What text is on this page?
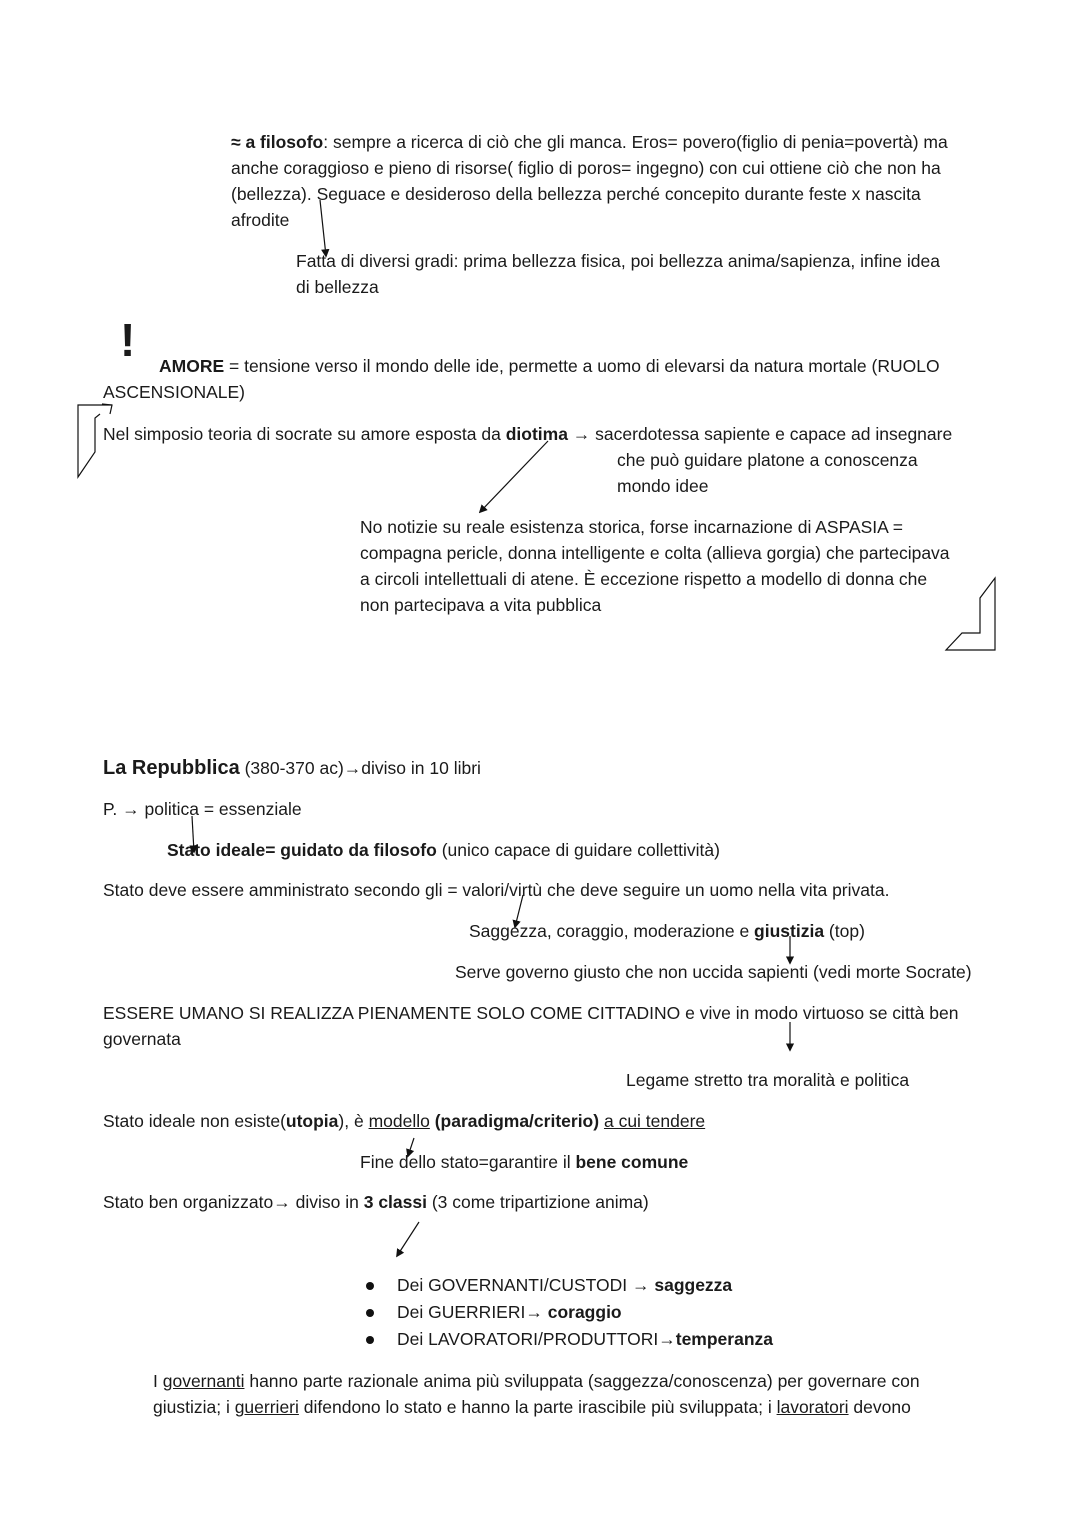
≈ a filosofo: sempre a ricerca di ciò che gli manca. Eros= povero(figlio di penia=povertà) ma
anche coraggioso e pieno di risorse( figlio di poros= ingegno) con cui ottiene ciò che non ha
(bellezza). Seguace e desideroso della bellezza perché concepito durante feste x nascita
afrodite
Fatta di diversi gradi: prima bellezza fisica, poi bellezza anima/sapienza, infine idea
di bellezza
! AMORE = tensione verso il mondo delle ide, permette a uomo di elevarsi da natura mortale (RUOLO
ASCENSIONALE)
Nel simposio teoria di socrate su amore esposta da diotima → sacerdotessa sapiente e capace ad insegnare
che può guidare platone a conoscenza
mondo idee
No notizie su reale esistenza storica, forse incarnazione di ASPASIA =
compagna pericle, donna intelligente e colta (allieva gorgia) che partecipava
a circoli intellettuali di atene. È eccezione rispetto a modello di donna che
non partecipava a vita pubblica
La Repubblica (380-370 ac)→diviso in 10 libri
P. → politica = essenziale
Stato ideale= guidato da filosofo (unico capace di guidare collettività)
Stato deve essere amministrato secondo gli = valori/virtù che deve seguire un uomo nella vita privata.
Saggezza, coraggio, moderazione e giustizia (top)
Serve governo giusto che non uccida sapienti (vedi morte Socrate)
ESSERE UMANO SI REALIZZA PIENAMENTE SOLO COME CITTADINO e vive in modo virtuoso se città ben
governata
Legame stretto tra moralità e politica
Stato ideale non esiste(utopia), è modello (paradigma/criterio) a cui tendere
Fine dello stato=garantire il bene comune
Stato ben organizzato→ diviso in 3 classi (3 come tripartizione anima)
Dei GOVERNANTI/CUSTODI → saggezza
Dei GUERRIERI→ coraggio
Dei LAVORATORI/PRODUTTORI→temperanza
I governanti hanno parte razionale anima più sviluppata (saggezza/conoscenza) per governare con
giustizia; i guerrieri difendono lo stato e hanno la parte irascibile più sviluppata; i lavoratori devono
